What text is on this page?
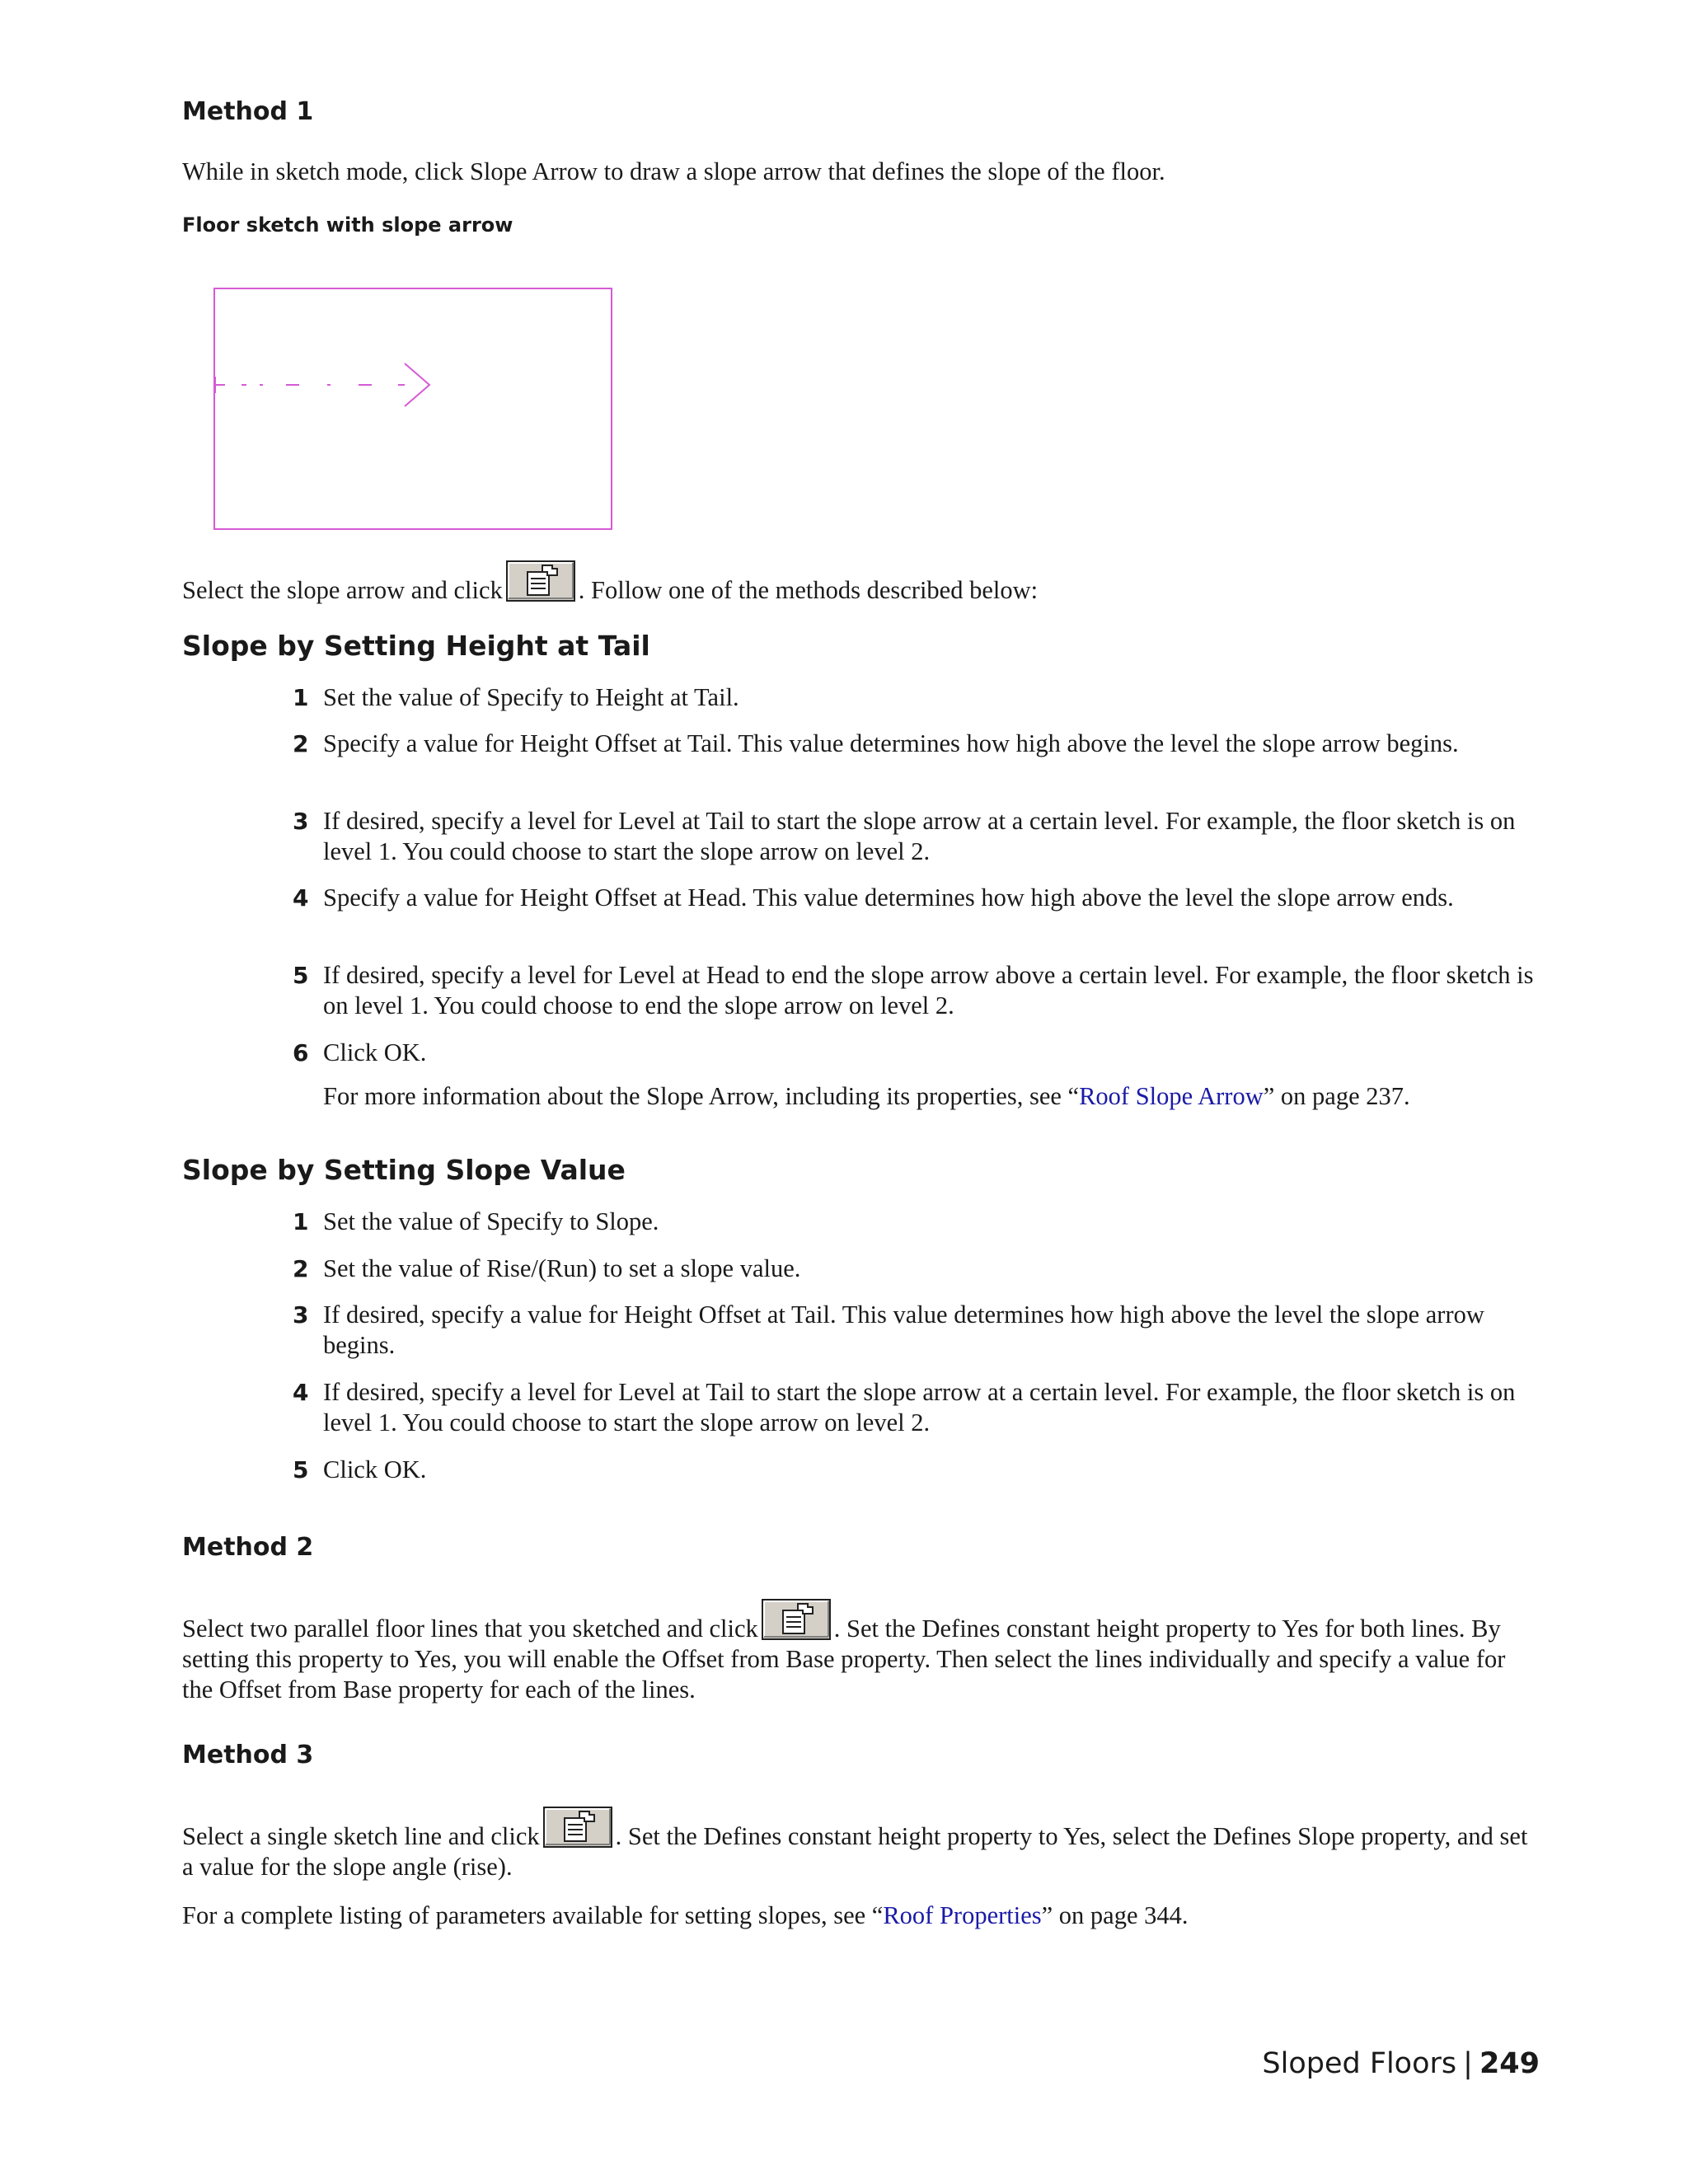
Method 1

While in sketch mode, click Slope Arrow to draw a slope arrow that defines the slope of the floor.

Floor sketch with slope arrow

Select the slope arrow and click	. Follow one of the methods described below:

Slope by Setting Height at Tail
1 Set the value of Specify to Height at Tail.
2 Specify a value for Height Offset at Tail. This value determines how high above the level the slope arrow begins.
3 If desired, specify a level for Level at Tail to start the slope arrow at a certain level. For example, the floor sketch is on level 1. You could choose to start the slope arrow on level 2.
4 Specify a value for Height Offset at Head. This value determines how high above the level the slope arrow ends.
5 If desired, specify a level for Level at Head to end the slope arrow above a certain level. For example, the floor sketch is on level 1. You could choose to end the slope arrow on level 2.
6 Click OK.

For more information about the Slope Arrow, including its properties, see “Roof Slope Arrow” on page 237.

Slope by Setting Slope Value
1 Set the value of Specify to Slope.
2 Set the value of Rise/(Run) to set a slope value.
3 If desired, specify a value for Height Offset at Tail. This value determines how high above the level the slope arrow begins.
4 If desired, specify a level for Level at Tail to start the slope arrow at a certain level. For example, the floor sketch is on level 1. You could choose to start the slope arrow on level 2.
5 Click OK.
Method 2

Select two parallel floor lines that you sketched and click	. Set the Defines constant height property to Yes for both lines. By setting this property to Yes, you will enable the Offset from Base property. Then select the lines individually and specify a value for the Offset from Base property for each of the lines.

Method 3

Select a single sketch line and click	. Set the Defines constant height property to Yes, select the Defines Slope property, and set a value for the slope angle (rise).

For a complete listing of parameters available for setting slopes, see “Roof Properties” on page 344.

Sloped Floors | 249
